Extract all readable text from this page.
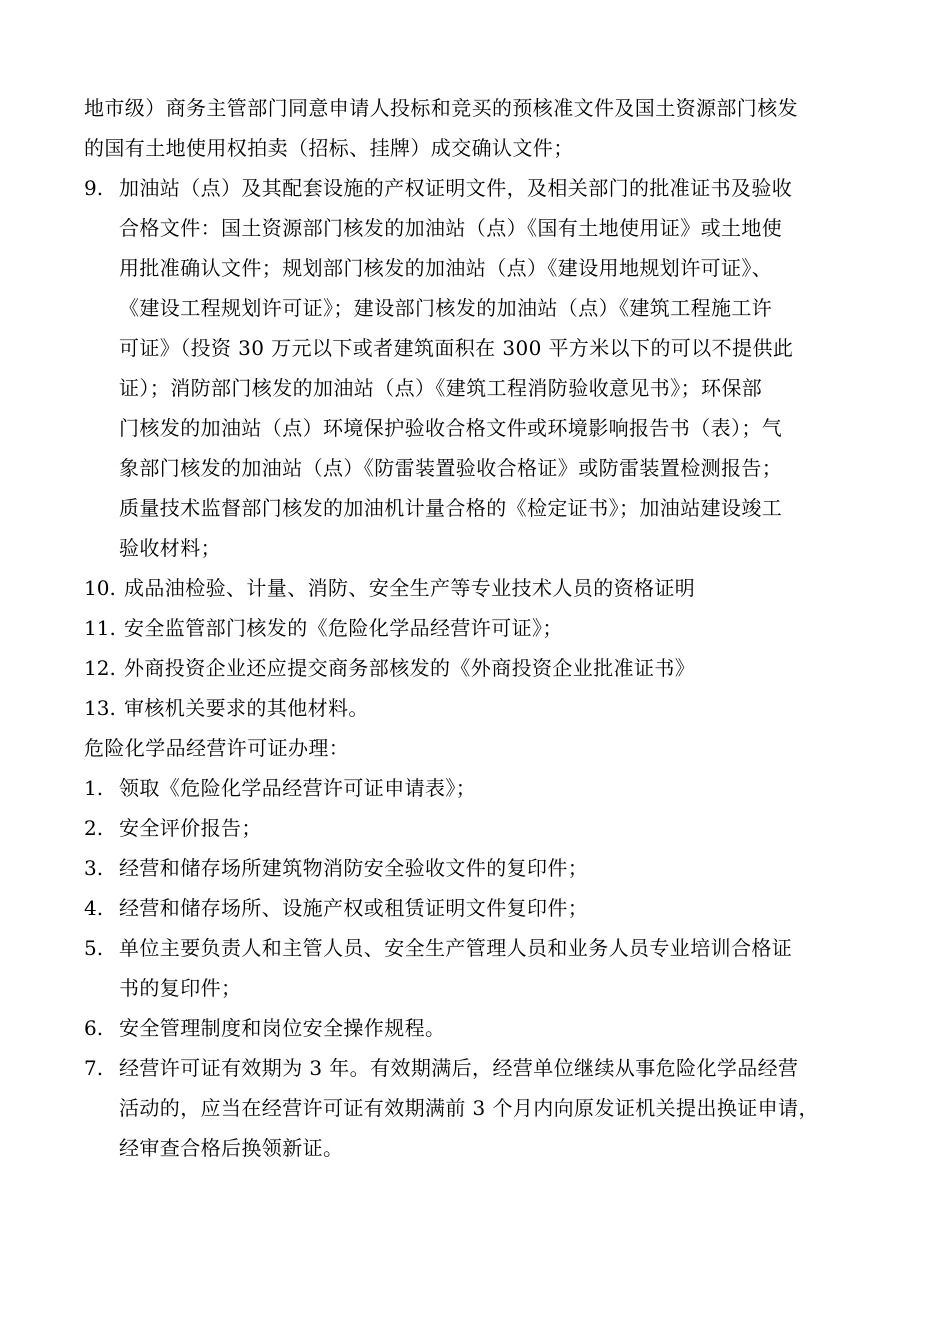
地市级）商务主管部门同意申请人投标和竞买的预核准文件及国土资源部门核发
的国有土地使用权拍卖（招标、挂牌）成交确认文件；
9. 加油站（点）及其配套设施的产权证明文件，及相关部门的批准证书及验收
合格文件：国土资源部门核发的加油站（点）《国有土地使用证》或土地使
用批准确认文件；规划部门核发的加油站（点）《建设用地规划许可证》、
《建设工程规划许可证》；建设部门核发的加油站（点）《建筑工程施工许
可证》（投资 30 万元以下或者建筑面积在 300 平方米以下的可以不提供此
证）；消防部门核发的加油站（点）《建筑工程消防验收意见书》；环保部
门核发的加油站（点）环境保护验收合格文件或环境影响报告书（表）；气
象部门核发的加油站（点）《防雷装置验收合格证》或防雷装置检测报告；
质量技术监督部门核发的加油机计量合格的《检定证书》；加油站建设竣工
验收材料；
10. 成品油检验、计量、消防、安全生产等专业技术人员的资格证明
11. 安全监管部门核发的《危险化学品经营许可证》；
12. 外商投资企业还应提交商务部核发的《外商投资企业批准证书》
13. 审核机关要求的其他材料。
危险化学品经营许可证办理：
1. 领取《危险化学品经营许可证申请表》；
2. 安全评价报告；
3. 经营和储存场所建筑物消防安全验收文件的复印件；
4. 经营和储存场所、设施产权或租赁证明文件复印件；
5. 单位主要负责人和主管人员、安全生产管理人员和业务人员专业培训合格证
书的复印件；
6. 安全管理制度和岗位安全操作规程。
7. 经营许可证有效期为 3 年。有效期满后，经营单位继续从事危险化学品经营
活动的，应当在经营许可证有效期满前 3 个月内向原发证机关提出换证申请，
经审查合格后换领新证。
